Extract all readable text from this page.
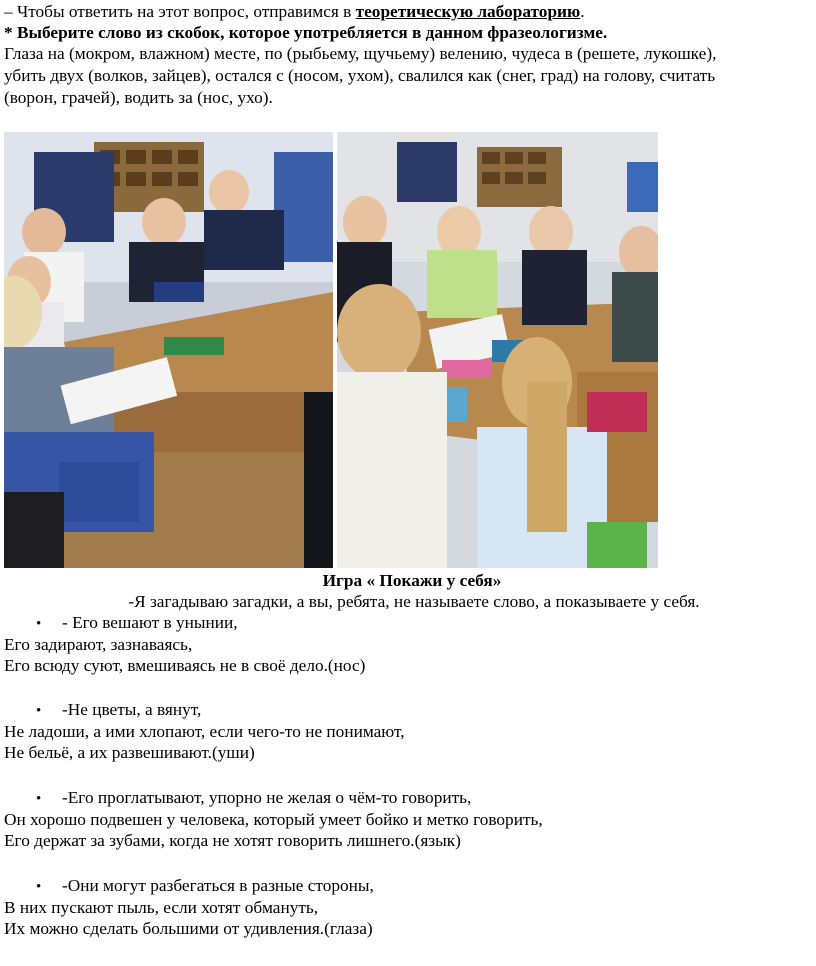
– Чтобы ответить на этот вопрос, отправимся в теоретическую лабораторию.
* Выберите слово из скобок, которое употребляется в данном фразеологизме.
Глаза на (мокром, влажном) месте, по (рыбьему, щучьему) велению, чудеса в (решете, лукошке),
убить двух (волков, зайцев), остался с (носом, ухом), свалился как (снег, град) на голову, считать
(ворон, грачей), водить за (нос, ухо).
Игра « Покажи у себя»
-Я загадываю загадки, а вы, ребята, не называете слово, а показываете у себя.
•- Его вешают в унынии,
Его задирают, зазнаваясь,
Его всюду суют, вмешиваясь не в своё дело.(нос)
•-Не цветы, а вянут,
Не ладоши, а ими хлопают, если чего-то не понимают,
Не бельё, а их развешивают.(уши)
•-Его проглатывают, упорно не желая о чём-то говорить,
Он хорошо подвешен у человека, который умеет бойко и метко говорить,
Его держат за зубами, когда не хотят говорить лишнего.(язык)
•-Они могут разбегаться в разные стороны,
В них пускают пыль, если хотят обмануть,
Их можно сделать большими от удивления.(глаза)
